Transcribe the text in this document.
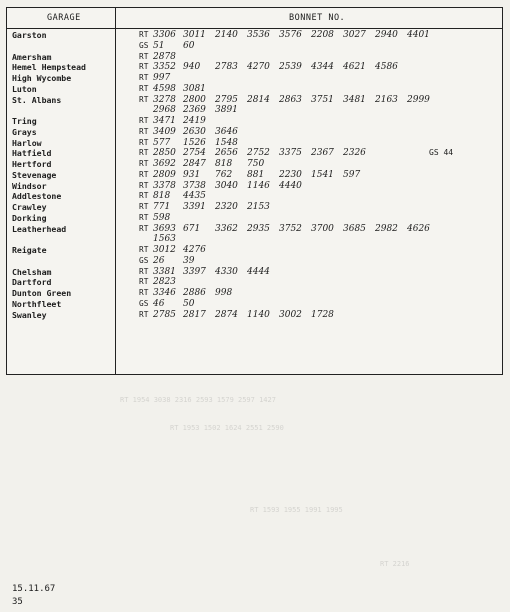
GARAGE	BONNET NO.
Garston	RT 3306 3011 2140 3536 3576 2208 3027 2940 4401
GS 51 60
Amersham	RT 2878
Hemel Hempstead	RT 3352 940 2783 4270 2539 4344 4621 4586
High Wycombe	RT 997
Luton	RT 4598 3081
St. Albans	RT 3278 2800 2795 2814 2863 3751 3481 2163 2999
2968 2369 3891
Tring	RT 3471 2419
Grays	RT 3409 2630 3646
Harlow	RT 577 1526 1548
Hatfield	RT 2850 2754 2656 2752 3375 2367 2326	GS 44
Hertford	RT 3692 2847 818 750
Stevenage	RT 2809 931 762 881 2230 1541 597
Windsor	RT 3378 3738 3040 1146 4440
Addlestone	RT 818 4435
Crawley	RT 771 3391 2320 2153
Dorking	RT 598
Leatherhead	RT 3693 671 3362 2935 3752 3700 3685 2982 4626
1563
Reigate	RT 3012 4276
GS 26 39
Chelsham	RT 3381 3397 4330 4444
Dartford	RT 2823
Dunton Green	RT 3346 2886 998
Northfleet	GS 46 50
Swanley	RT 2785 2817 2874 1140 3002 1728
RT 1954 3038 2316 2593 1579 2597 1427
RT 1953 1502 1624 2551 2590
RT 1593 1955 1991 1995
RT 2216
15.11.67
35
